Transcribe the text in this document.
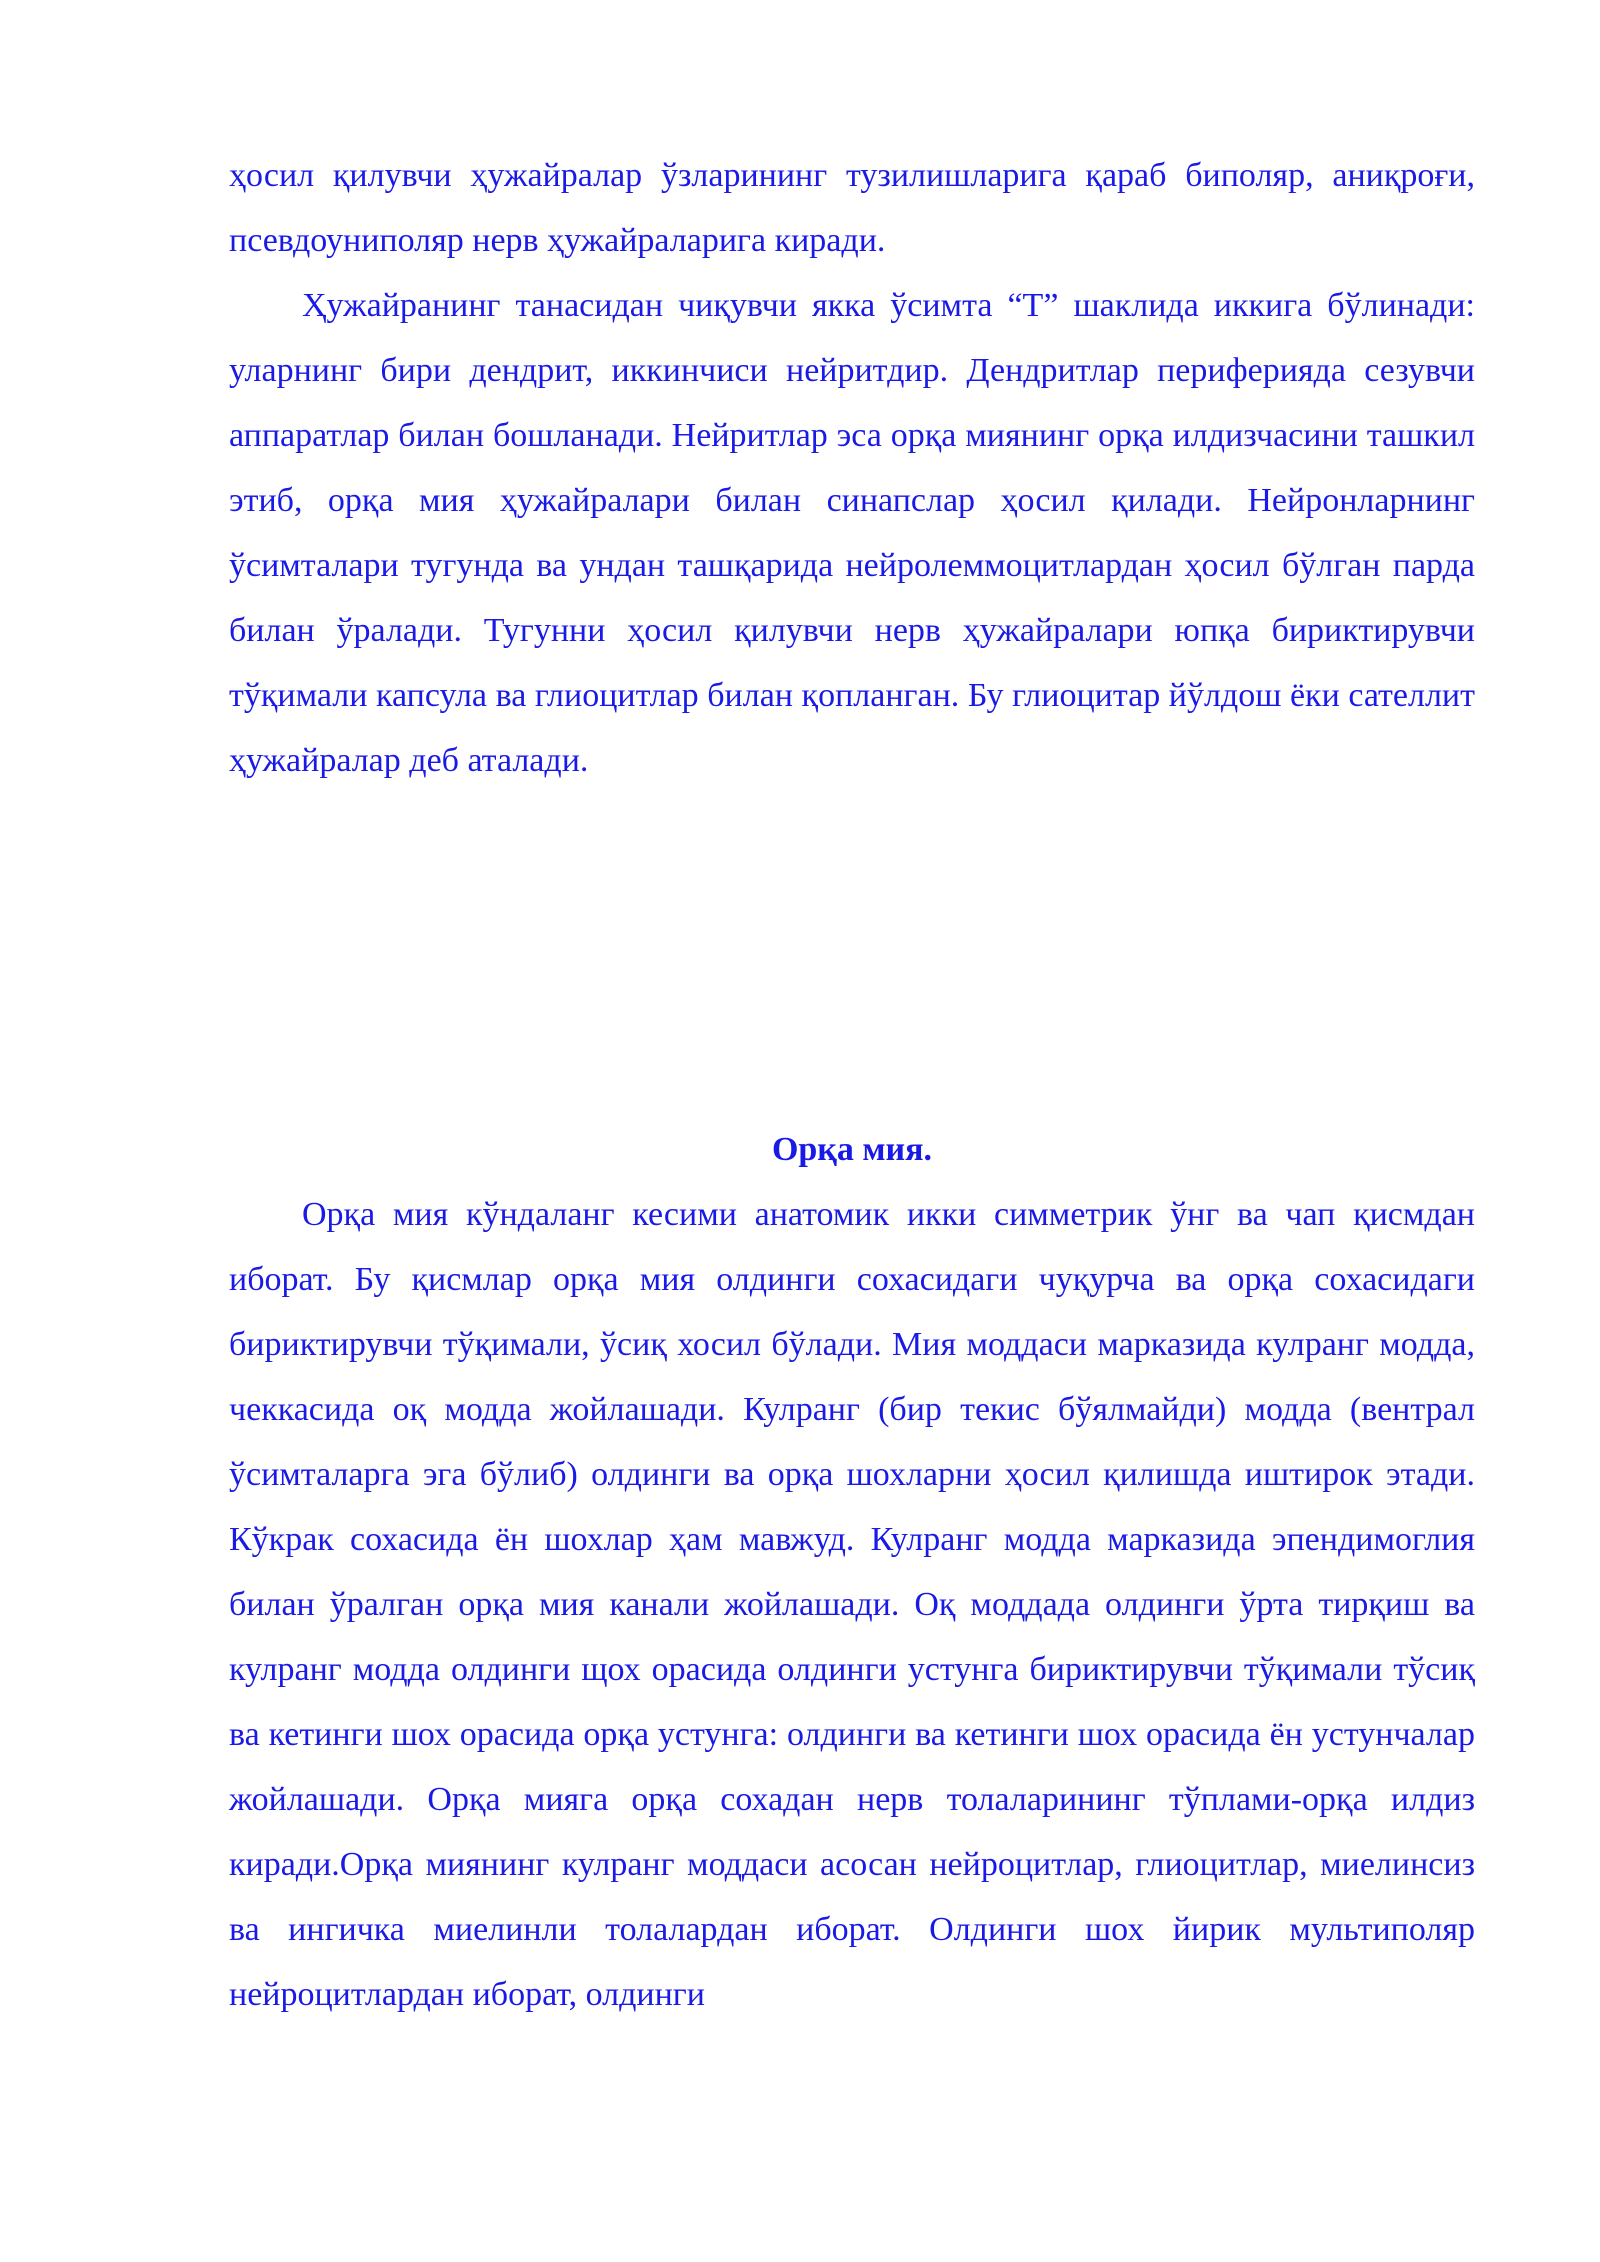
ҳосил қилувчи ҳужайралар ўзларининг тузилишларига қараб биполяр, аниқроғи, псевдоуниполяр нерв ҳужайраларига киради.

Ҳужайранинг танасидан чиқувчи якка ўсимта “Т” шаклида иккига бўлинади: уларнинг бири дендрит, иккинчиси нейритдир. Дендритлар периферияда сезувчи аппаратлар билан бошланади. Нейритлар эса орқа миянинг орқа илдизчасини ташкил этиб, орқа мия ҳужайралари билан синапслар ҳосил қилади. Нейронларнинг ўсимталари тугунда ва ундан ташқарида нейролеммоцитлардан ҳосил бўлган парда билан ўралади. Тугунни ҳосил қилувчи нерв ҳужайралари юпқа бириктирувчи тўқимали капсула ва глиоцитлар билан қопланган. Бу глиоцитар йўлдош ёки сателлит ҳужайралар деб аталади.

Орқа мия.

Орқа мия кўндаланг кесими анатомик икки симметрик ўнг ва чап қисмдан иборат. Бу қисмлар орқа мия олдинги сохасидаги чуқурча ва орқа сохасидаги бириктирувчи тўқимали, ўсиқ хосил бўлади. Мия моддаси марказида кулранг модда, чеккасида оқ модда жойлашади. Кулранг (бир текис бўялмайди) модда (вентрал ўсимталарга эга бўлиб) олдинги ва орқа шохларни ҳосил қилишда иштирок этади. Кўкрак сохасида ён шохлар ҳам мавжуд. Кулранг модда марказида эпендимоглия билан ўралган орқа мия канали жойлашади. Оқ моддада олдинги ўрта тирқиш ва кулранг модда олдинги щох орасида олдинги устунга бириктирувчи тўқимали тўсиқ ва кетинги шох орасида орқа устунга: олдинги ва кетинги шох орасида ён устунчалар жойлашади. Орқа мияга орқа сохадан нерв толаларининг тўплами-орқа илдиз киради.Орқа миянинг кулранг моддаси асосан нейроцитлар, глиоцитлар, миелинсиз ва ингичка миелинли толалардан иборат. Олдинги шох йирик мультиполяр нейроцитлардан иборат, олдинги
